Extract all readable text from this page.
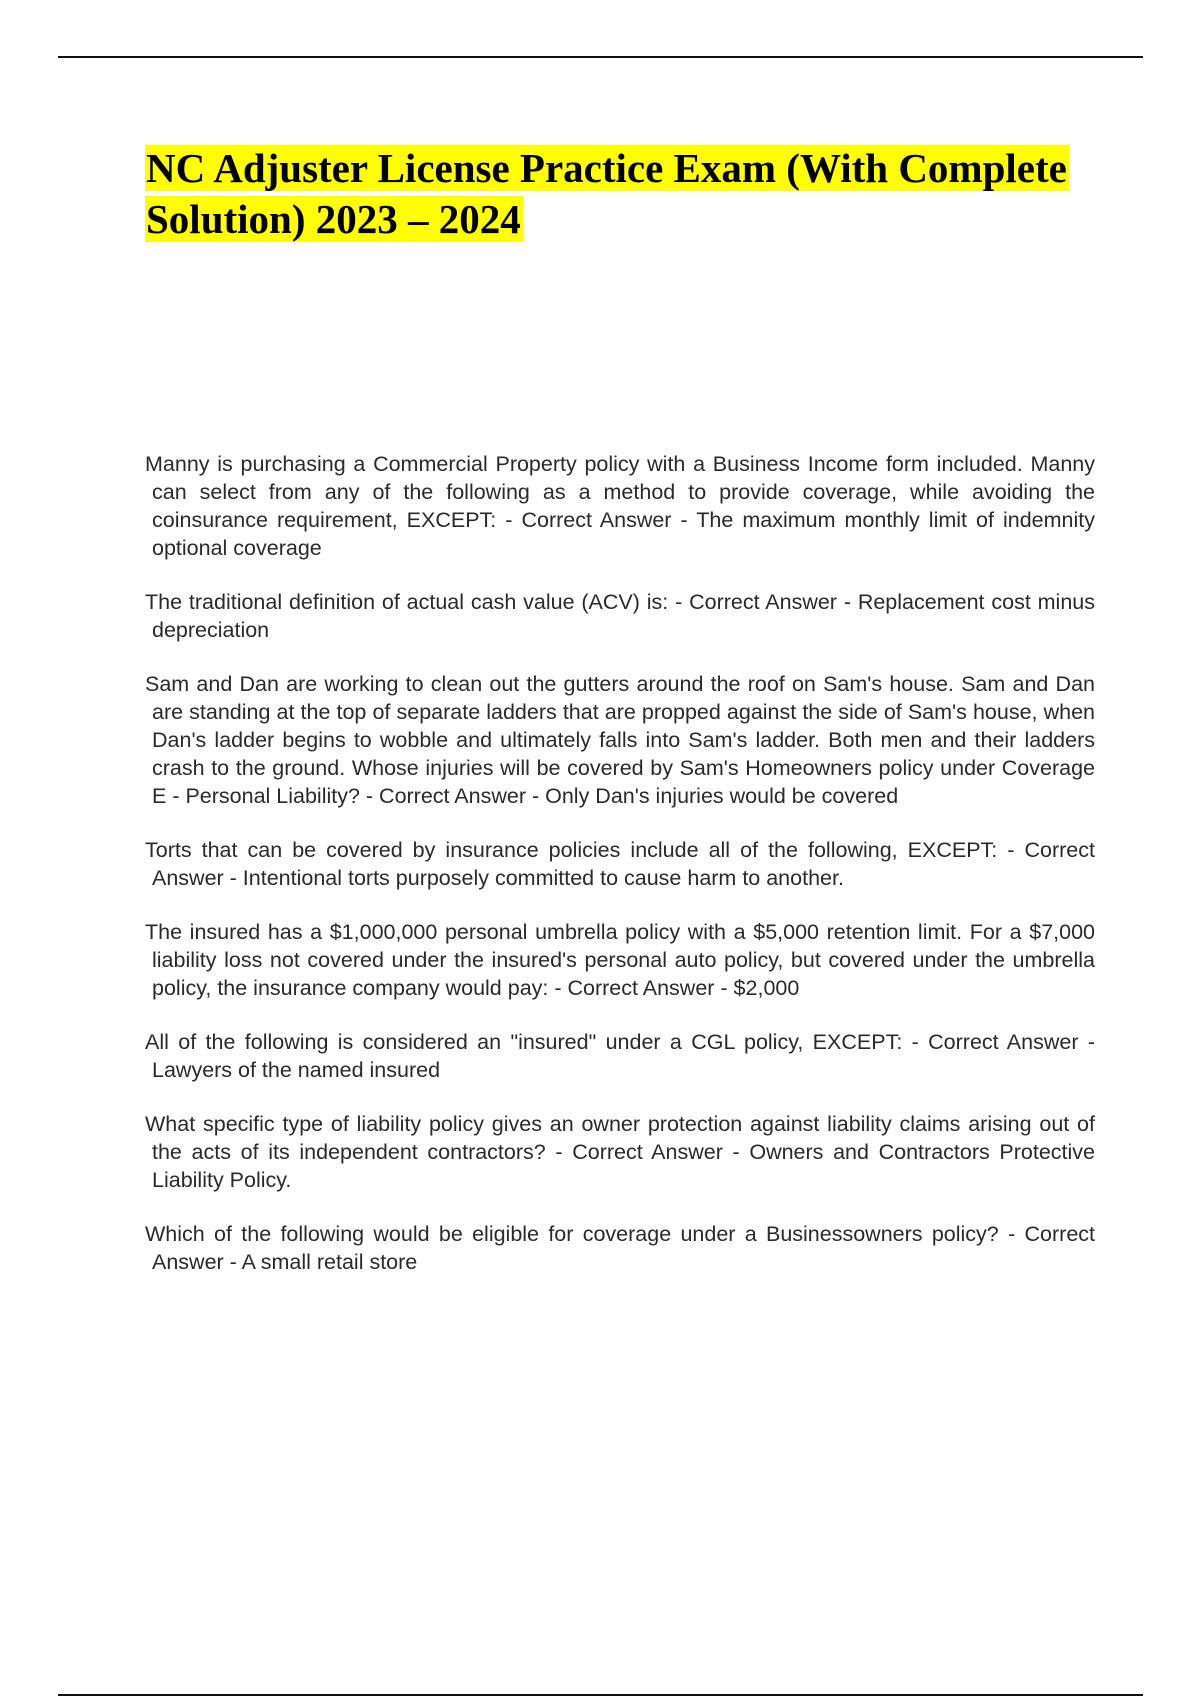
NC Adjuster License Practice Exam (With Complete Solution) 2023 – 2024
Manny is purchasing a Commercial Property policy with a Business Income form included. Manny can select from any of the following as a method to provide coverage, while avoiding the coinsurance requirement, EXCEPT: - Correct Answer - The maximum monthly limit of indemnity optional coverage
The traditional definition of actual cash value (ACV) is: - Correct Answer - Replacement cost minus depreciation
Sam and Dan are working to clean out the gutters around the roof on Sam's house. Sam and Dan are standing at the top of separate ladders that are propped against the side of Sam's house, when Dan's ladder begins to wobble and ultimately falls into Sam's ladder. Both men and their ladders crash to the ground. Whose injuries will be covered by Sam's Homeowners policy under Coverage E - Personal Liability? - Correct Answer - Only Dan's injuries would be covered
Torts that can be covered by insurance policies include all of the following, EXCEPT: - Correct Answer - Intentional torts purposely committed to cause harm to another.
The insured has a $1,000,000 personal umbrella policy with a $5,000 retention limit. For a $7,000 liability loss not covered under the insured's personal auto policy, but covered under the umbrella policy, the insurance company would pay: - Correct Answer - $2,000
All of the following is considered an "insured" under a CGL policy, EXCEPT: - Correct Answer - Lawyers of the named insured
What specific type of liability policy gives an owner protection against liability claims arising out of the acts of its independent contractors? - Correct Answer - Owners and Contractors Protective Liability Policy.
Which of the following would be eligible for coverage under a Businessowners policy? - Correct Answer - A small retail store
